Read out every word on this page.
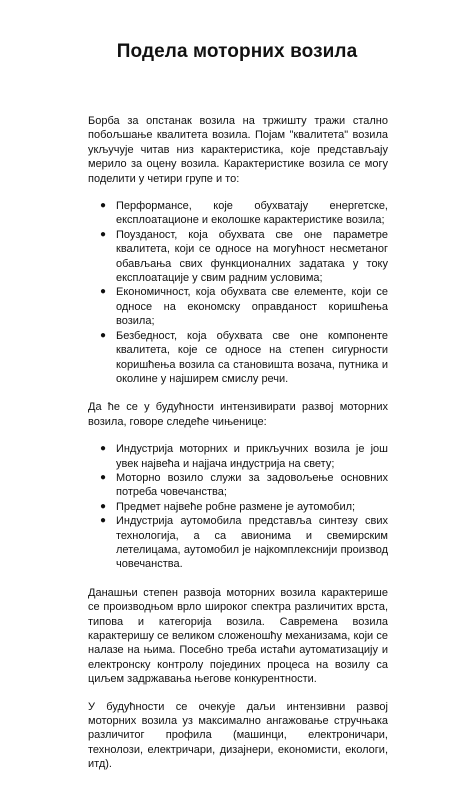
Подела моторних возила

Борба за опстанак возила на тржишту тражи стално побољшање квалитета возила. Појам "квалитета" возила укључује читав низ карактеристика, које представљају мерило за оцену возила. Карактеристике возила се могу поделити у четири групе и то:

● Перформансе, које обухватају енергетске, експлоатационе и еколошке карактеристике возила;
● Поузданост, која обухвата све оне параметре квалитета, који се односе на могућност несметаног обављања свих функционалних задатака у току експлоатације у свим радним условима;
● Економичност, која обухвата све елементе, који се односе на економску оправданост коришћења возила;
● Безбедност, која обухвата све оне компоненте квалитета, које се односе на степен сигурности коришћења возила са становишта возача, путника и околине у најширем смислу речи.

Да ће се у будућности интензивирати развој моторних возила, говоре следеће чињенице:

● Индустрија моторних и прикључних возила је још увек највећа и најјача индустрија на свету;
● Моторно возило служи за задовољење основних потреба човечанства;
● Предмет највеће робне размене је аутомобил;
● Индустрија аутомобила представља синтезу свих технологија, а са авионима и свемирским летелицама, аутомобил је најкомплекснији производ човечанства.

Данашњи степен развоја моторних возила карактерише се производњом врло широког спектра различитих врста, типова и категорија возила. Савремена возила карактеришу се великом сложеношћу механизама, који се налазе на њима. Посебно треба истаћи аутоматизацију и електронску контролу појединих процеса на возилу са циљем задржавања његове конкурентности.

У будућности се очекује даљи интензивни развој моторних возила уз максимално ангажовање стручњака различитог профила (машинци, електроничари, технолози, електричари, дизајнери, економисти, екологи, итд).
